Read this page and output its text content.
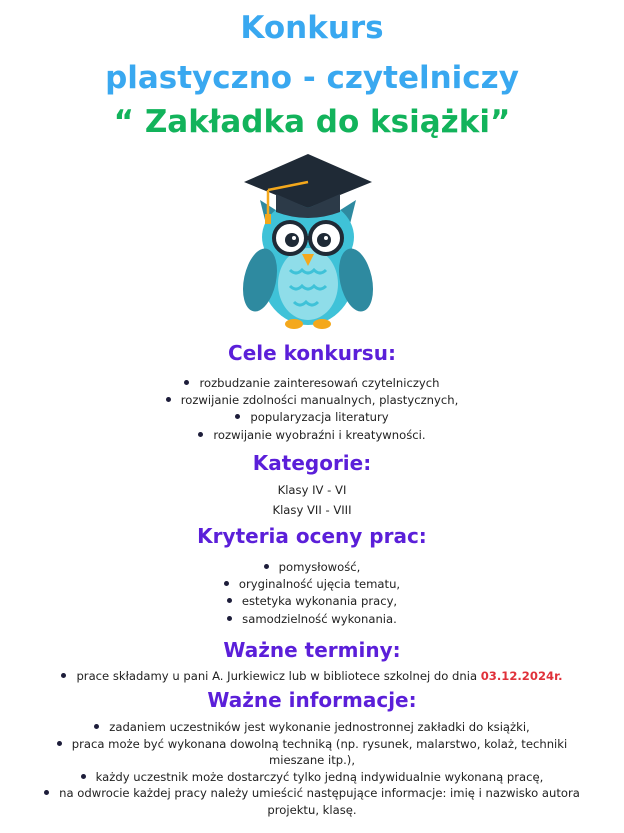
Konkurs
plastyczno - czytelniczy
“ Zakładka do książki”
Cele konkursu:
rozbudzanie zainteresowań czytelniczych
rozwijanie zdolności manualnych, plastycznych,
popularyzacja literatury
rozwijanie wyobraźni i kreatywności.
Kategorie:
Klasy IV - VI
Klasy VII - VIII
Kryteria oceny prac:
pomysłowość,
oryginalność ujęcia tematu,
estetyka wykonania pracy,
samodzielność wykonania.
Ważne terminy:
prace składamy u pani A. Jurkiewicz lub w bibliotece szkolnej do dnia 03.12.2024r.
Ważne informacje:
zadaniem uczestników jest wykonanie jednostronnej zakładki do książki,
praca może być wykonana dowolną techniką (np. rysunek, malarstwo, kolaż, techniki
mieszane itp.),
każdy uczestnik może dostarczyć tylko jedną indywidualnie wykonaną pracę,
na odwrocie każdej pracy należy umieścić następujące informacje: imię i nazwisko autora
projektu, klasę.
